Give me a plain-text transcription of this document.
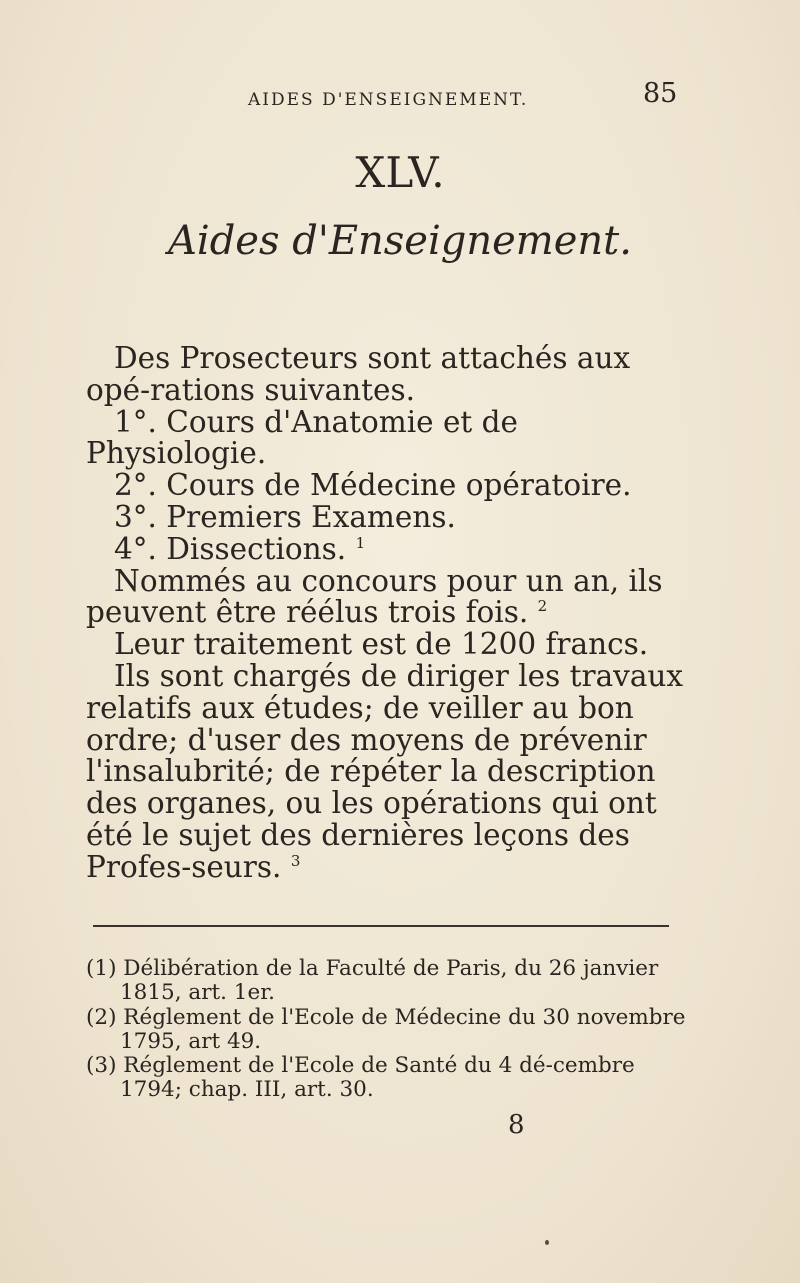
AIDES D'ENSEIGNEMENT.	85
XLV.
Aides d'Enseignement.

Des Prosecteurs sont attachés aux opé-rations suivantes.

1°. Cours d'Anatomie et de Physiologie.

2°. Cours de Médecine opératoire.

3°. Premiers Examens.

4°. Dissections. $^1$

Nommés au concours pour un an, ils peuvent être réélus trois fois. $^2$

Leur traitement est de 1200 francs.

Ils sont chargés de diriger les travaux relatifs aux études; de veiller au bon ordre; d'user des moyens de prévenir l'insalubrité; de répéter la description des organes, ou les opérations qui ont été le sujet des dernières leçons des Profes-seurs. $^3$

(1) Délibération de la Faculté de Paris, du 26 janvier 1815, art. 1er.

(2) Réglement de l'Ecole de Médecine du 30 novembre 1795, art 49.

(3) Réglement de l'Ecole de Santé du 4 dé-cembre 1794; chap. III, art. 30.

8
